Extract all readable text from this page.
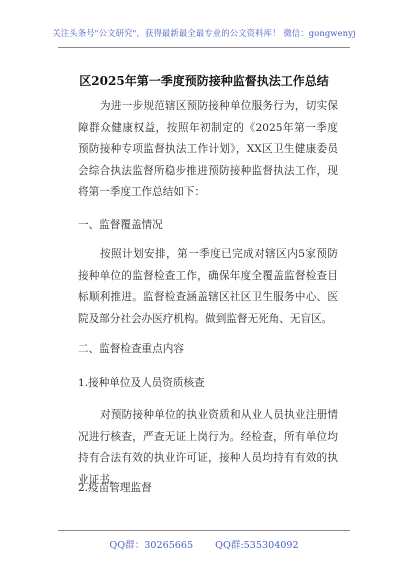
关注头条号"公文研究"，获得最新最全最专业的公文资料库！ 微信：gongwenyj
区2025年第一季度预防接种监督执法工作总结
为进一步规范辖区预防接种单位服务行为，切实保障群众健康权益，按照年初制定的《2025年第一季度预防接种专项监督执法工作计划》，XX区卫生健康委员会综合执法监督所稳步推进预防接种监督执法工作，现将第一季度工作总结如下：
一、监督覆盖情况
按照计划安排，第一季度已完成对辖区内5家预防接种单位的监督检查工作，确保年度全覆盖监督检查目标顺利推进。监督检查涵盖辖区社区卫生服务中心、医院及部分社会办医疗机构。做到监督无死角、无盲区。
二、监督检查重点内容
1.接种单位及人员资质核查
对预防接种单位的执业资质和从业人员执业注册情况进行核查，严查无证上岗行为。经检查，所有单位均持有合法有效的执业许可证，接种人员均持有有效的执业证书。
2.疫苗管理监督
QQ群：30265665 QQ群:535304092
